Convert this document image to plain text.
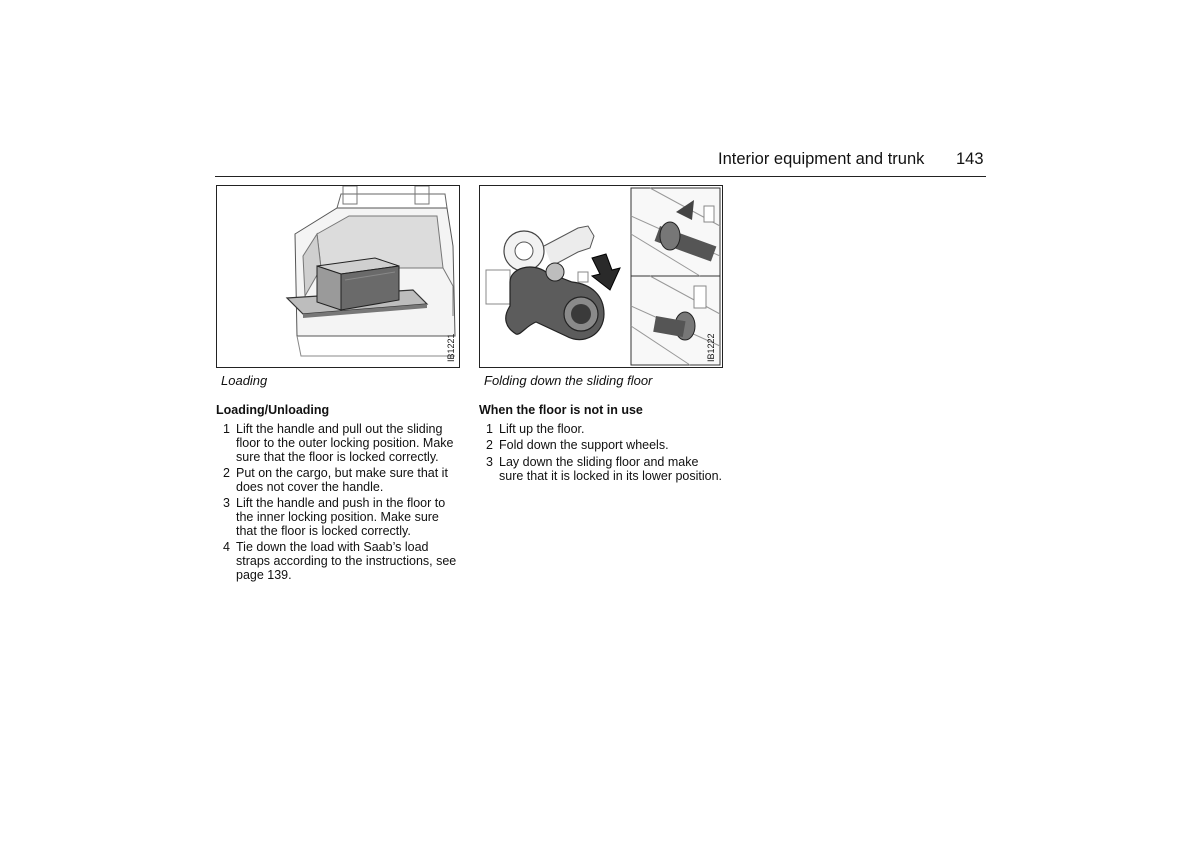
Interior equipment and trunk 143
IB1221
Loading
IB1222
Folding down the sliding floor
Loading/Unloading
1 Lift the handle and pull out the sliding floor to the outer locking position. Make sure that the floor is locked correctly.
2 Put on the cargo, but make sure that it does not cover the handle.
3 Lift the handle and push in the floor to the inner locking position. Make sure that the floor is locked correctly.
4 Tie down the load with Saab’s load straps according to the instructions, see page 139.
When the floor is not in use
1 Lift up the floor.
2 Fold down the support wheels.
3 Lay down the sliding floor and make sure that it is locked in its lower position.
